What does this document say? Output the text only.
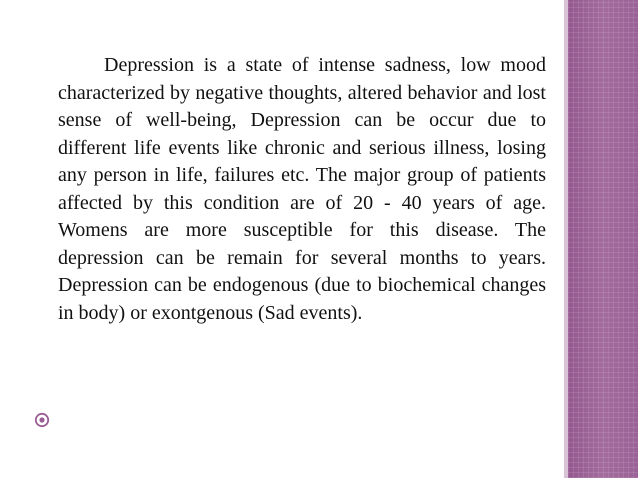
Depression is a state of intense sadness, low mood characterized by negative thoughts, altered behavior and lost sense of well-being, Depression can be occur due to different life events like chronic and serious illness, losing any person in life, failures etc. The major group of patients affected by this condition are of 20 - 40 years of age. Womens are more susceptible for this disease. The depression can be remain for several months to years. Depression can be endogenous (due to biochemical changes in body) or exontgenous (Sad events).
